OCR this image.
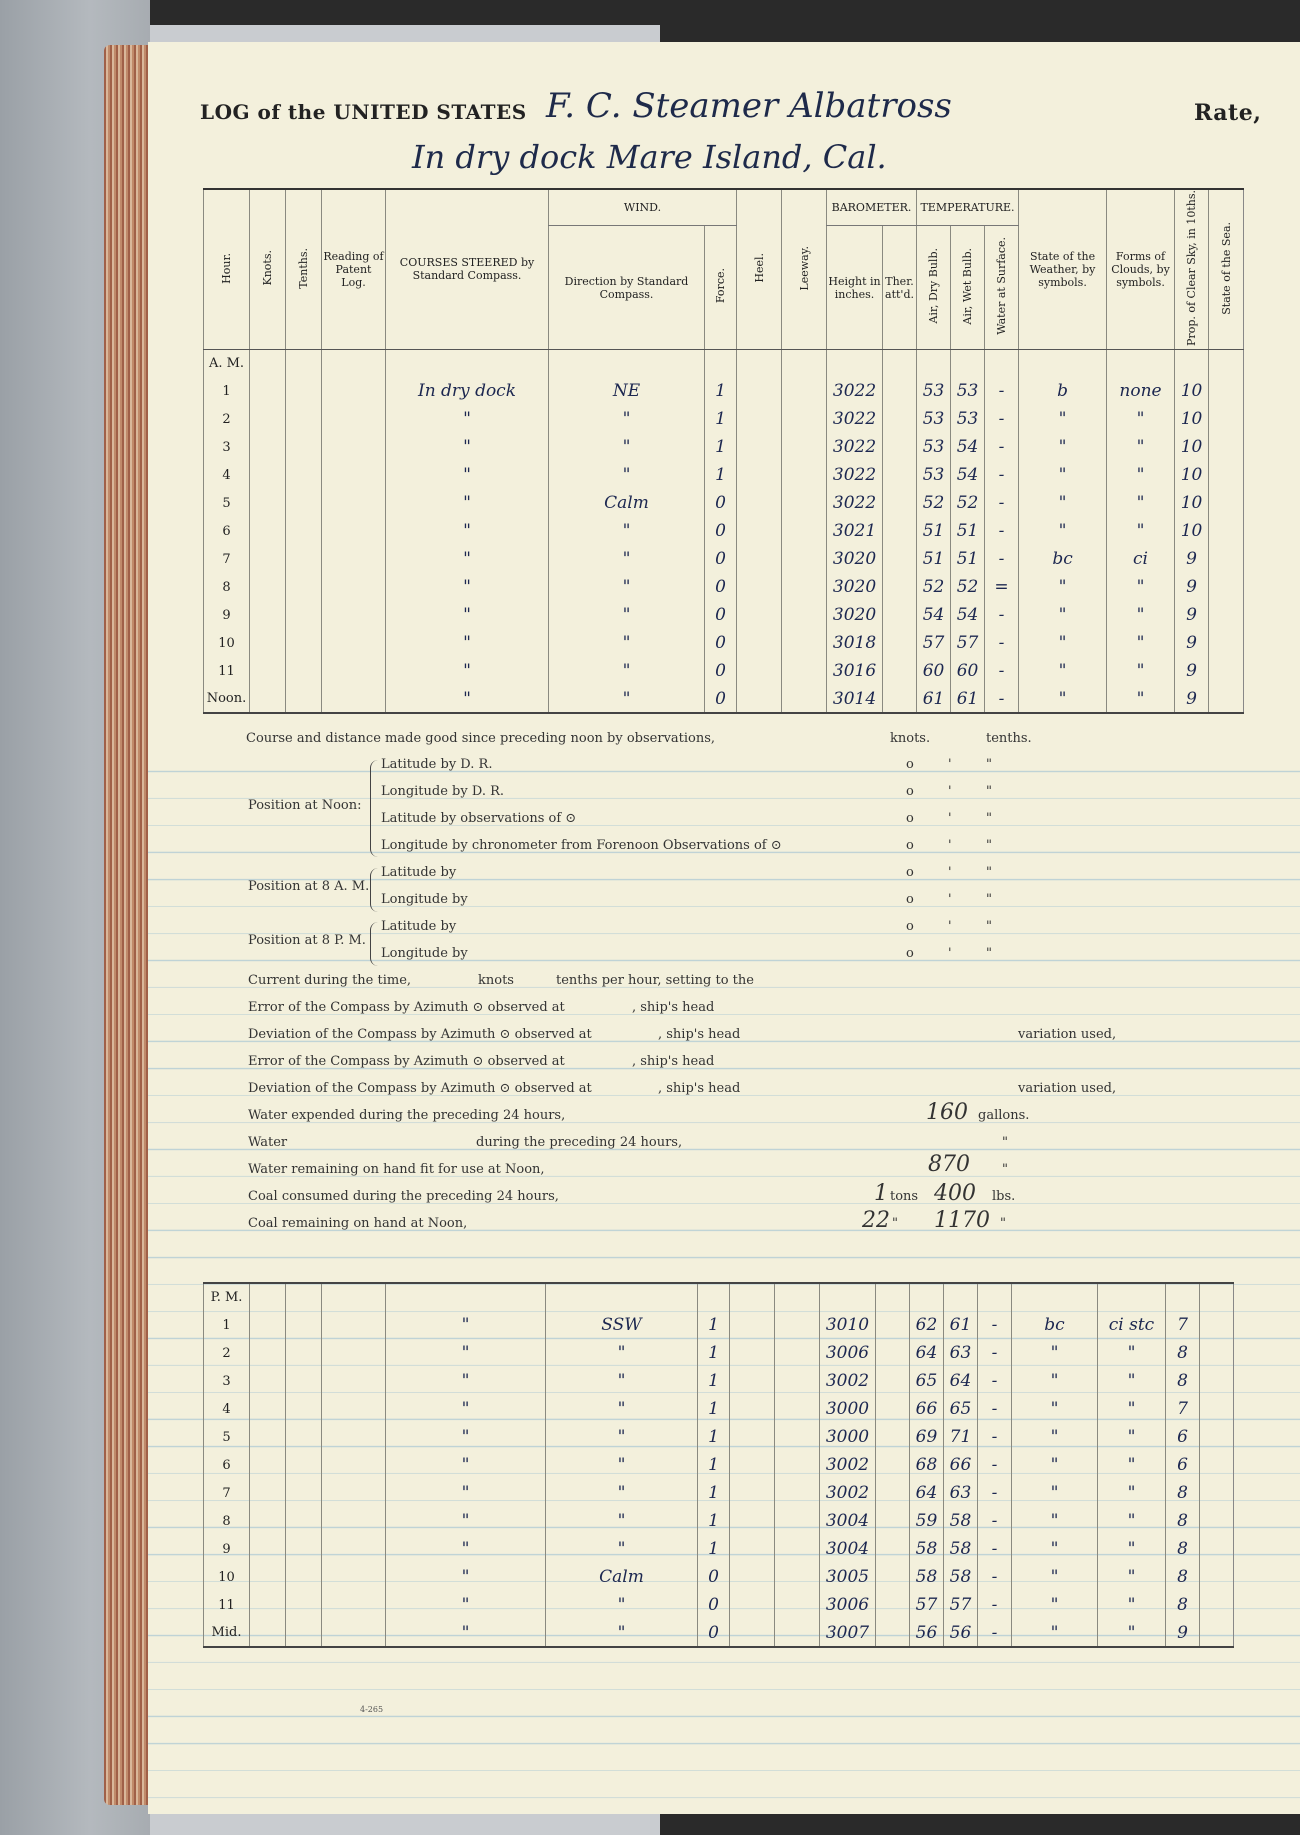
LOG of the UNITED STATES F. C. Steamer Albatross	Rate,
In dry dock Mare Island, Cal.
Hour.	Knots.	Tenths.	Reading of Patent Log.	COURSES STEERED by Standard Compass.	WIND.		Heel.	Leeway.	BAROMETER.		TEMPERATURE.			State of the Weather, by symbols.	Forms of Clouds, by symbols.	Prop. of Clear Sky, in 10ths.	State of the Sea.
					Direction by Standard Compass.	Force.			Height in inches.	Ther. att'd.	Air, Dry Bulb.	Air, Wet Bulb.	Water at Surface.				
A. M.																	
1				In dry dock	NE	1			3022		53	53	-	b	none	10	
2				"	"	1			3022		53	53	-	"	"	10	
3				"	"	1			3022		53	54	-	"	"	10	
4				"	"	1			3022		53	54	-	"	"	10	
5				"	Calm	0			3022		52	52	-	"	"	10	
6				"	"	0			3021		51	51	-	"	"	10	
7				"	"	0			3020		51	51	-	bc	ci	9	
8				"	"	0			3020		52	52	=	"	"	9	
9				"	"	0			3020		54	54	-	"	"	9	
10				"	"	0			3018		57	57	-	"	"	9	
11				"	"	0			3016		60	60	-	"	"	9	
Noon.				"	"	0			3014		61	61	-	"	"	9	
Course and distance made good since preceding noon by observations,	knots.	tenths.
Position at Noon:
Latitude by D. R.
Longitude by D. R.
Latitude by observations of ⊙
Longitude by chronometer from Forenoon Observations of ⊙
Position at 8 A. M.
Latitude by
Longitude by
Position at 8 P. M.
Latitude by
Longitude by
o	'	"
o	'	"
o	'	"
o	'	"
o	'	"
o	'	"
o	'	"
o	'	"
Current during the time,	knots	tenths per hour, setting to the
Error of the Compass by Azimuth ⊙ observed at	, ship's head
Deviation of the Compass by Azimuth ⊙ observed at	, ship's head	variation used,
Error of the Compass by Azimuth ⊙ observed at	, ship's head
Deviation of the Compass by Azimuth ⊙ observed at	, ship's head	variation used,
Water expended during the preceding 24 hours,	160 gallons.
Water	during the preceding 24 hours,	"
Water remaining on hand fit for use at Noon,	870 "
Coal consumed during the preceding 24 hours,	1 tons 400 lbs.
Coal remaining on hand at Noon,	22 " 1170 "
P. M.																	
1				"	SSW	1			3010		62	61	-	bc	ci stc	7	
2				"	"	1			3006		64	63	-	"	"	8	
3				"	"	1			3002		65	64	-	"	"	8	
4				"	"	1			3000		66	65	-	"	"	7	
5				"	"	1			3000		69	71	-	"	"	6	
6				"	"	1			3002		68	66	-	"	"	6	
7				"	"	1			3002		64	63	-	"	"	8	
8				"	"	1			3004		59	58	-	"	"	8	
9				"	"	1			3004		58	58	-	"	"	8	
10				"	Calm	0			3005		58	58	-	"	"	8	
11				"	"	0			3006		57	57	-	"	"	8	
Mid.				"	"	0			3007		56	56	-	"	"	9	
4-265
